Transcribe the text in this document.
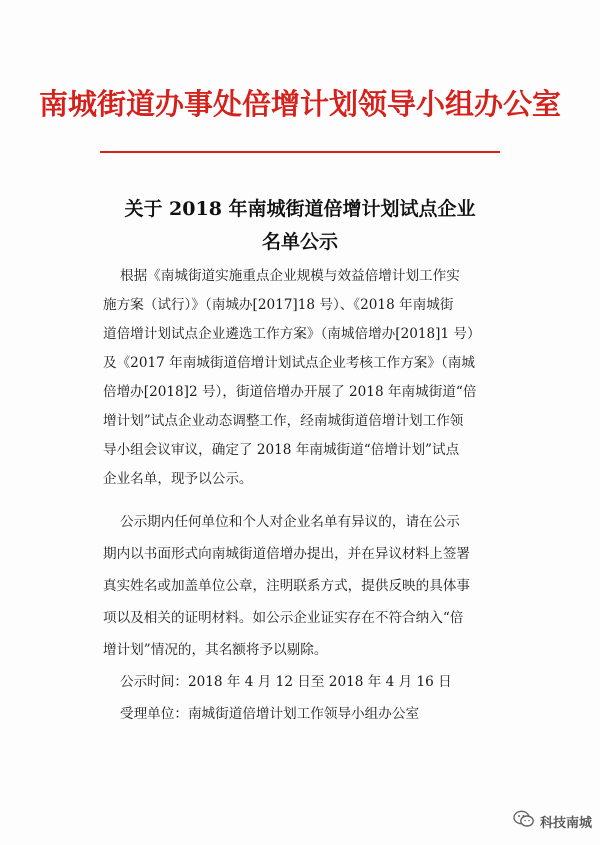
南城街道办事处倍增计划领导小组办公室
关于 2018 年南城街道倍增计划试点企业
名单公示
根据《南城街道实施重点企业规模与效益倍增计划工作实
施方案（试行）》（南城办[2017]18 号）、《2018 年南城街
道倍增计划试点企业遴选工作方案》（南城倍增办[2018]1 号）
及《2017 年南城街道倍增计划试点企业考核工作方案》（南城
倍增办[2018]2 号），街道倍增办开展了 2018 年南城街道“倍
增计划”试点企业动态调整工作，经南城街道倍增计划工作领
导小组会议审议，确定了 2018 年南城街道“倍增计划”试点
企业名单，现予以公示。
公示期内任何单位和个人对企业名单有异议的，请在公示
期内以书面形式向南城街道倍增办提出，并在异议材料上签署
真实姓名或加盖单位公章，注明联系方式，提供反映的具体事
项以及相关的证明材料。如公示企业证实存在不符合纳入“倍
增计划”情况的，其名额将予以剔除。
公示时间：2018 年 4 月 12 日至 2018 年 4 月 16 日
受理单位：南城街道倍增计划工作领导小组办公室
科技南城
